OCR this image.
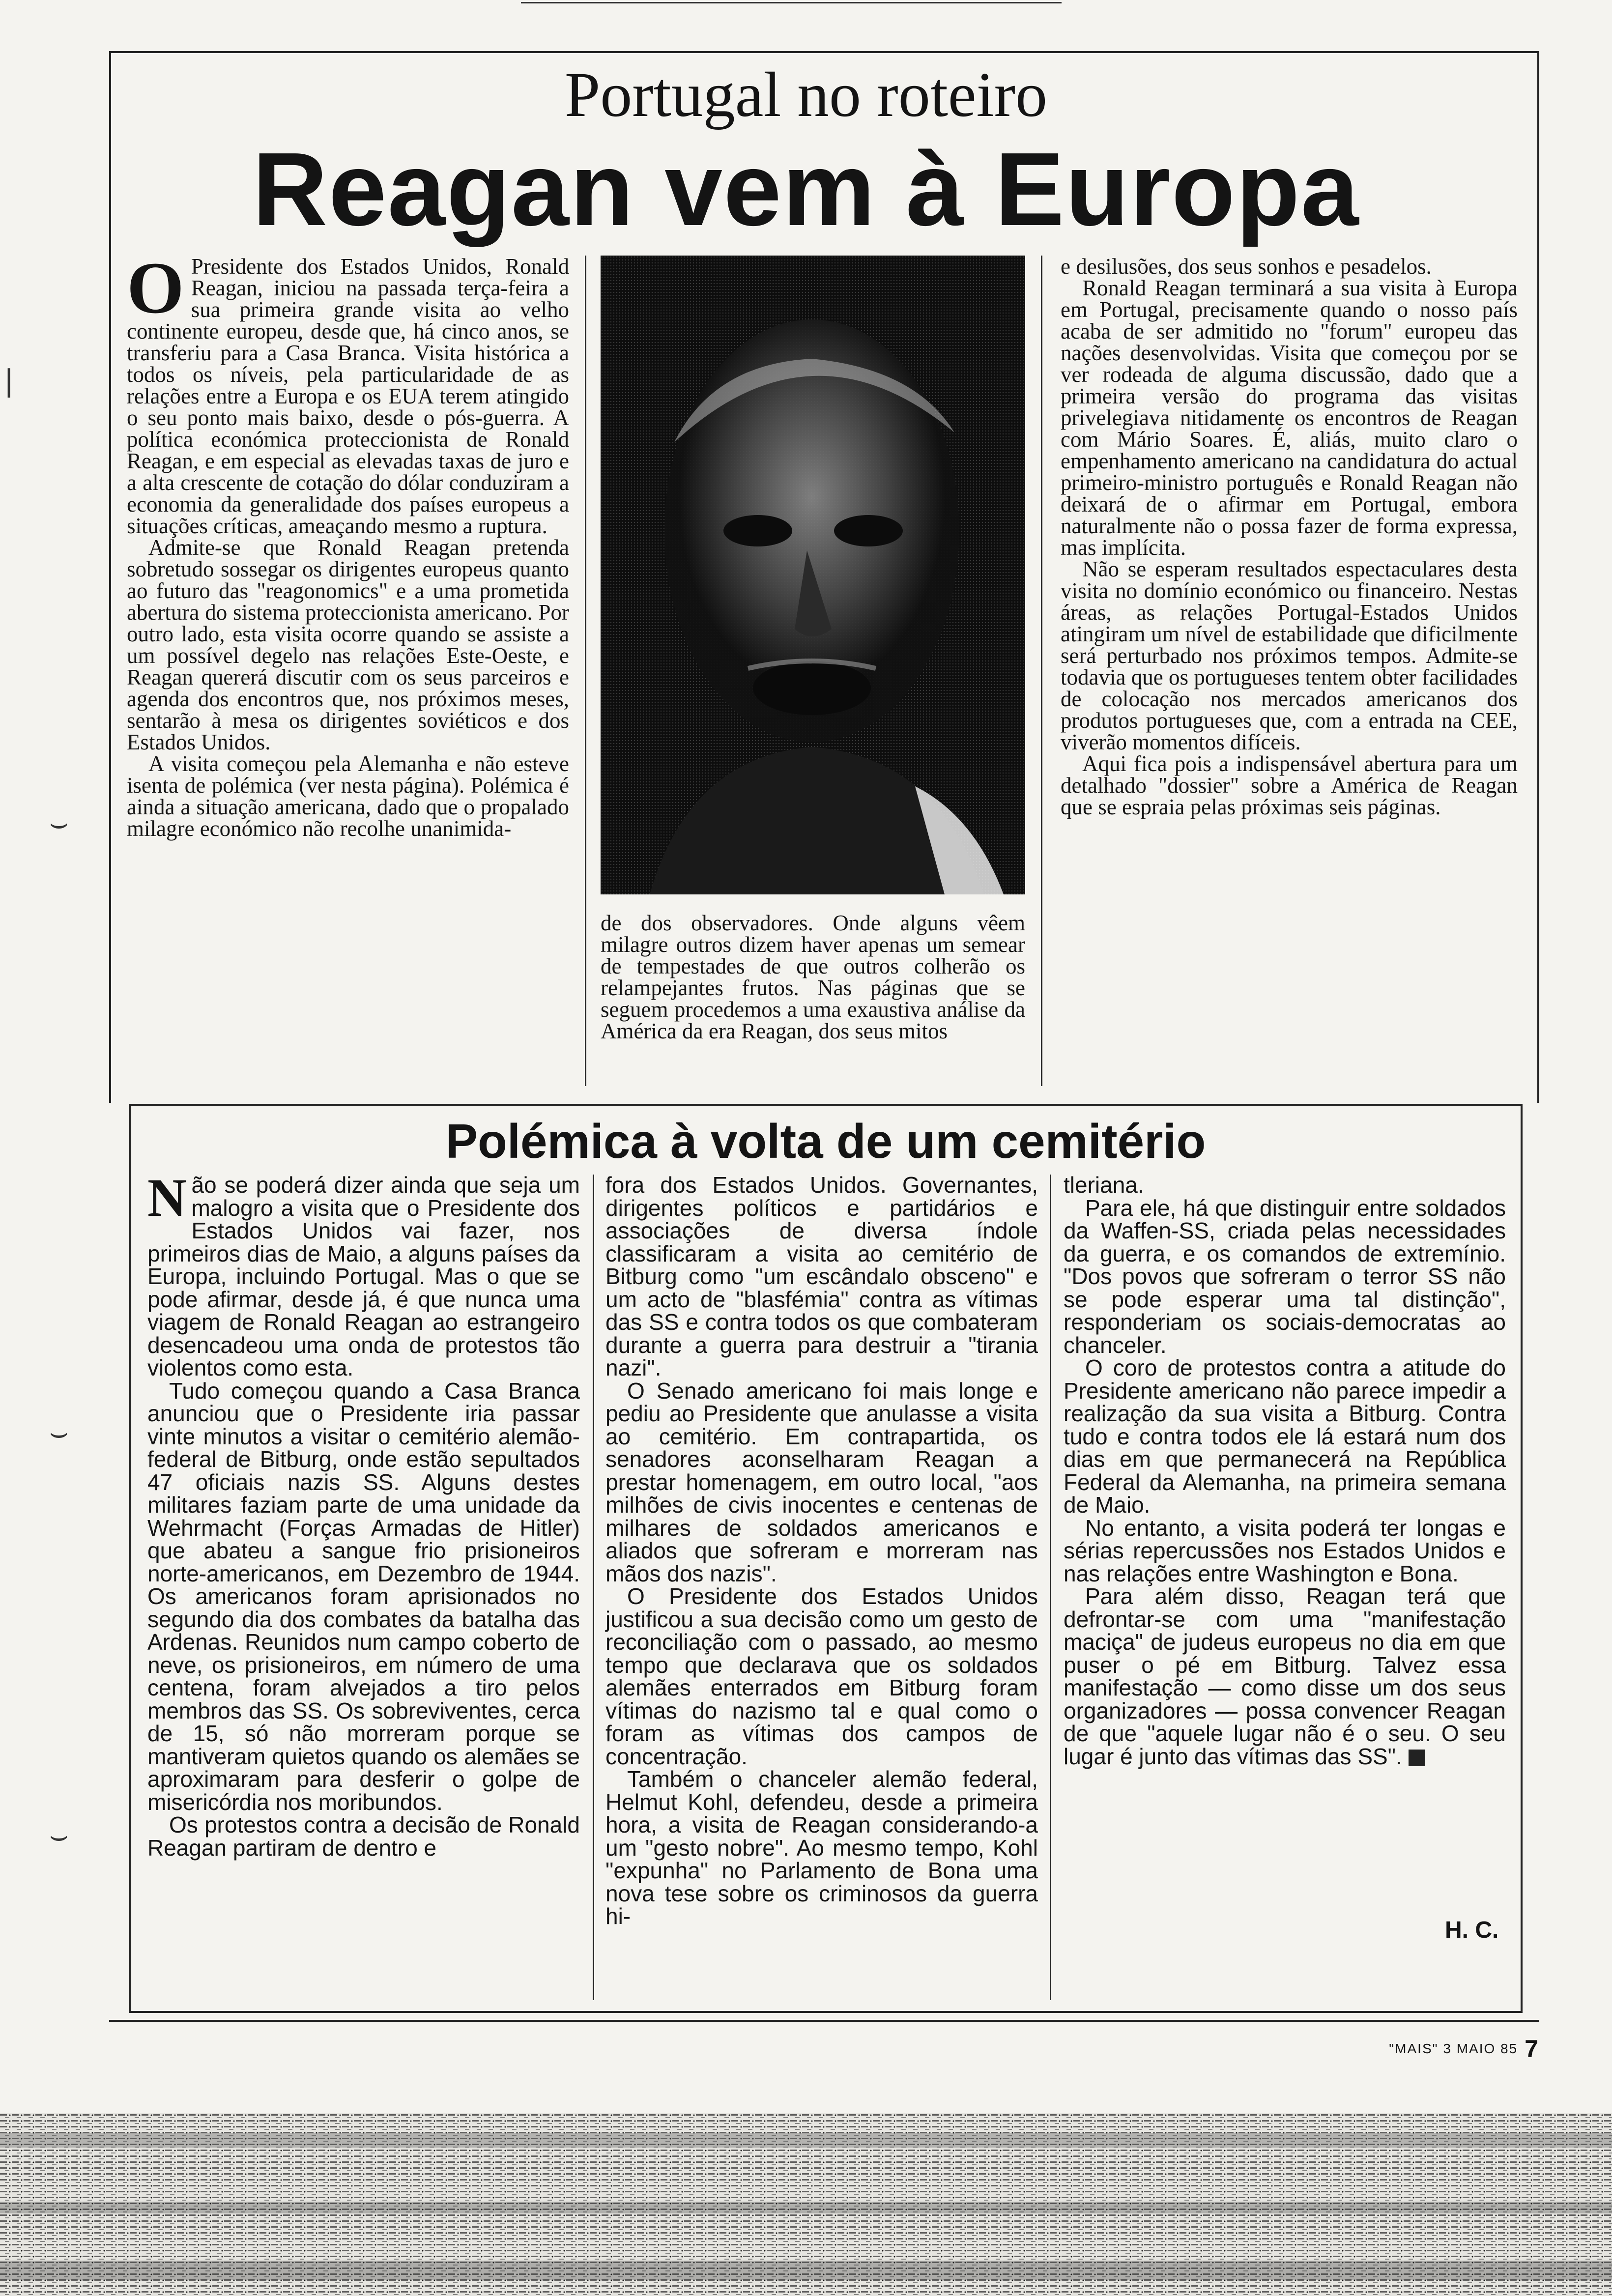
Portugal no roteiro
Reagan vem à Europa

O Presidente dos Estados Unidos, Ronald Reagan, iniciou na passada terça-feira a sua primeira grande visita ao velho continente europeu, desde que, há cinco anos, se transferiu para a Casa Branca. Visita histórica a todos os níveis, pela particularidade de as relações entre a Europa e os EUA terem atingido o seu ponto mais baixo, desde o pós-guerra. A política económica proteccionista de Ronald Reagan, e em especial as elevadas taxas de juro e a alta crescente de cotação do dólar conduziram a economia da generalidade dos países europeus a situações críticas, ameaçando mesmo a ruptura.

Admite-se que Ronald Reagan pretenda sobretudo sossegar os dirigentes europeus quanto ao futuro das "reagonomics" e a uma prometida abertura do sistema proteccionista americano. Por outro lado, esta visita ocorre quando se assiste a um possível degelo nas relações Este-Oeste, e Reagan quererá discutir com os seus parceiros e agenda dos encontros que, nos próximos meses, sentarão à mesa os dirigentes soviéticos e dos Estados Unidos.

A visita começou pela Alemanha e não esteve isenta de polémica (ver nesta página). Polémica é ainda a situação americana, dado que o propalado milagre económico não recolhe unanimida-

de dos observadores. Onde alguns vêem milagre outros dizem haver apenas um semear de tempestades de que outros colherão os relampejantes frutos. Nas páginas que se seguem procedemos a uma exaustiva análise da América da era Reagan, dos seus mitos

e desilusões, dos seus sonhos e pesadelos.

Ronald Reagan terminará a sua visita à Europa em Portugal, precisamente quando o nosso país acaba de ser admitido no "forum" europeu das nações desenvolvidas. Visita que começou por se ver rodeada de alguma discussão, dado que a primeira versão do programa das visitas privelegiava nitidamente os encontros de Reagan com Mário Soares. É, aliás, muito claro o empenhamento americano na candidatura do actual primeiro-ministro português e Ronald Reagan não deixará de o afirmar em Portugal, embora naturalmente não o possa fazer de forma expressa, mas implícita.

Não se esperam resultados espectaculares desta visita no domínio económico ou financeiro. Nestas áreas, as relações Portugal-Estados Unidos atingiram um nível de estabilidade que dificilmente será perturbado nos próximos tempos. Admite-se todavia que os portugueses tentem obter facilidades de colocação nos mercados americanos dos produtos portugueses que, com a entrada na CEE, viverão momentos difíceis.

Aqui fica pois a indispensável abertura para um detalhado "dossier" sobre a América de Reagan que se espraia pelas próximas seis páginas.

Polémica à volta de um cemitério

Não se poderá dizer ainda que seja um malogro a visita que o Presidente dos Estados Unidos vai fazer, nos primeiros dias de Maio, a alguns países da Europa, incluindo Portugal. Mas o que se pode afirmar, desde já, é que nunca uma viagem de Ronald Reagan ao estrangeiro desencadeou uma onda de protestos tão violentos como esta.

Tudo começou quando a Casa Branca anunciou que o Presidente iria passar vinte minutos a visitar o cemitério alemão-federal de Bitburg, onde estão sepultados 47 oficiais nazis SS. Alguns destes militares faziam parte de uma unidade da Wehrmacht (Forças Armadas de Hitler) que abateu a sangue frio prisioneiros norte-americanos, em Dezembro de 1944. Os americanos foram aprisionados no segundo dia dos combates da batalha das Ardenas. Reunidos num campo coberto de neve, os prisioneiros, em número de uma centena, foram alvejados a tiro pelos membros das SS. Os sobreviventes, cerca de 15, só não morreram porque se mantiveram quietos quando os alemães se aproximaram para desferir o golpe de misericórdia nos moribundos.

Os protestos contra a decisão de Ronald Reagan partiram de dentro e

fora dos Estados Unidos. Governantes, dirigentes políticos e partidários e associações de diversa índole classificaram a visita ao cemitério de Bitburg como "um escândalo obsceno" e um acto de "blasfémia" contra as vítimas das SS e contra todos os que combateram durante a guerra para destruir a "tirania nazi".

O Senado americano foi mais longe e pediu ao Presidente que anulasse a visita ao cemitério. Em contrapartida, os senadores aconselharam Reagan a prestar homenagem, em outro local, "aos milhões de civis inocentes e centenas de milhares de soldados americanos e aliados que sofreram e morreram nas mãos dos nazis".

O Presidente dos Estados Unidos justificou a sua decisão como um gesto de reconciliação com o passado, ao mesmo tempo que declarava que os soldados alemães enterrados em Bitburg foram vítimas do nazismo tal e qual como o foram as vítimas dos campos de concentração.

Também o chanceler alemão federal, Helmut Kohl, defendeu, desde a primeira hora, a visita de Reagan considerando-a um "gesto nobre". Ao mesmo tempo, Kohl "expunha" no Parlamento de Bona uma nova tese sobre os criminosos da guerra hi-

tleriana.

Para ele, há que distinguir entre soldados da Waffen-SS, criada pelas necessidades da guerra, e os comandos de extremínio. "Dos povos que sofreram o terror SS não se pode esperar uma tal distinção", responderiam os sociais-democratas ao chanceler.

O coro de protestos contra a atitude do Presidente americano não parece impedir a realização da sua visita a Bitburg. Contra tudo e contra todos ele lá estará num dos dias em que permanecerá na República Federal da Alemanha, na primeira semana de Maio.

No entanto, a visita poderá ter longas e sérias repercussões nos Estados Unidos e nas relações entre Washington e Bona.

Para além disso, Reagan terá que defrontar-se com uma "manifestação maciça" de judeus europeus no dia em que puser o pé em Bitburg. Talvez essa manifestação — como disse um dos seus organizadores — possa convencer Reagan de que "aquele lugar não é o seu. O seu lugar é junto das vítimas das SS". M

H. C.
"MAIS" 3 MAIO 85 7
|
⌣
⌣
⌣
